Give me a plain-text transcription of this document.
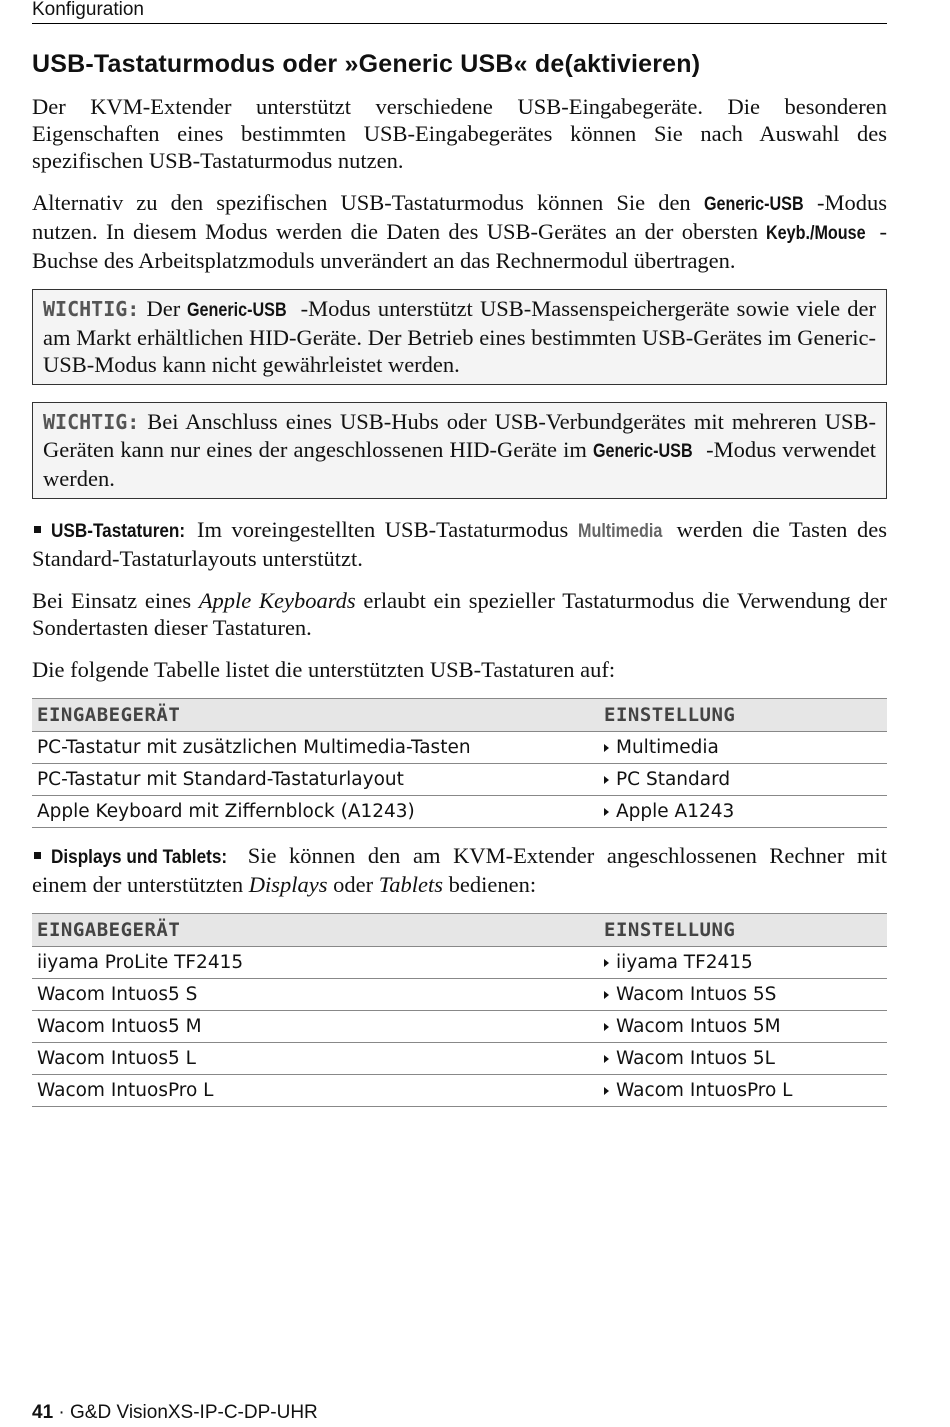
Konfiguration
USB-Tastaturmodus oder »Generic USB« de(aktivieren)

Der KVM-Extender unterstützt verschiedene USB-Eingabegeräte. Die besonderen Eigenschaften eines bestimmten USB-Eingabegerätes können Sie nach Auswahl des spezifischen USB-Tastaturmodus nutzen.

Alternativ zu den spezifischen USB-Tastaturmodus können Sie den Generic-USB -Modus nutzen. In diesem Modus werden die Daten des USB-Gerätes an der obersten Keyb./Mouse -Buchse des Arbeitsplatzmoduls unverändert an das Rechnermodul übertragen.

WICHTIG: Der Generic-USB -Modus unterstützt USB-Massenspeichergeräte sowie viele der am Markt erhältlichen HID-Geräte. Der Betrieb eines bestimmten USB-Gerätes im Generic-USB-Modus kann nicht gewährleistet werden.

WICHTIG: Bei Anschluss eines USB-Hubs oder USB-Verbundgerätes mit mehreren USB-Geräten kann nur eines der angeschlossenen HID-Geräte im Generic-USB -Modus verwendet werden.

USB-Tastaturen: Im voreingestellten USB-Tastaturmodus Multimedia werden die Tasten des Standard-Tastaturlayouts unterstützt.

Bei Einsatz eines Apple Keyboards erlaubt ein spezieller Tastaturmodus die Verwendung der Sondertasten dieser Tastaturen.

Die folgende Tabelle listet die unterstützten USB-Tastaturen auf:

EINGABEGERÄT	EINSTELLUNG
PC-Tastatur mit zusätzlichen Multimedia-Tasten	Multimedia
PC-Tastatur mit Standard-Tastaturlayout	PC Standard
Apple Keyboard mit Ziffernblock (A1243)	Apple A1243

Displays und Tablets: Sie können den am KVM-Extender angeschlossenen Rechner mit einem der unterstützten Displays oder Tablets bedienen:

EINGABEGERÄT	EINSTELLUNG
iiyama ProLite TF2415	iiyama TF2415
Wacom Intuos5 S	Wacom Intuos 5S
Wacom Intuos5 M	Wacom Intuos 5M
Wacom Intuos5 L	Wacom Intuos 5L
Wacom IntuosPro L	Wacom IntuosPro L
41 · G&D VisionXS-IP-C-DP-UHR
